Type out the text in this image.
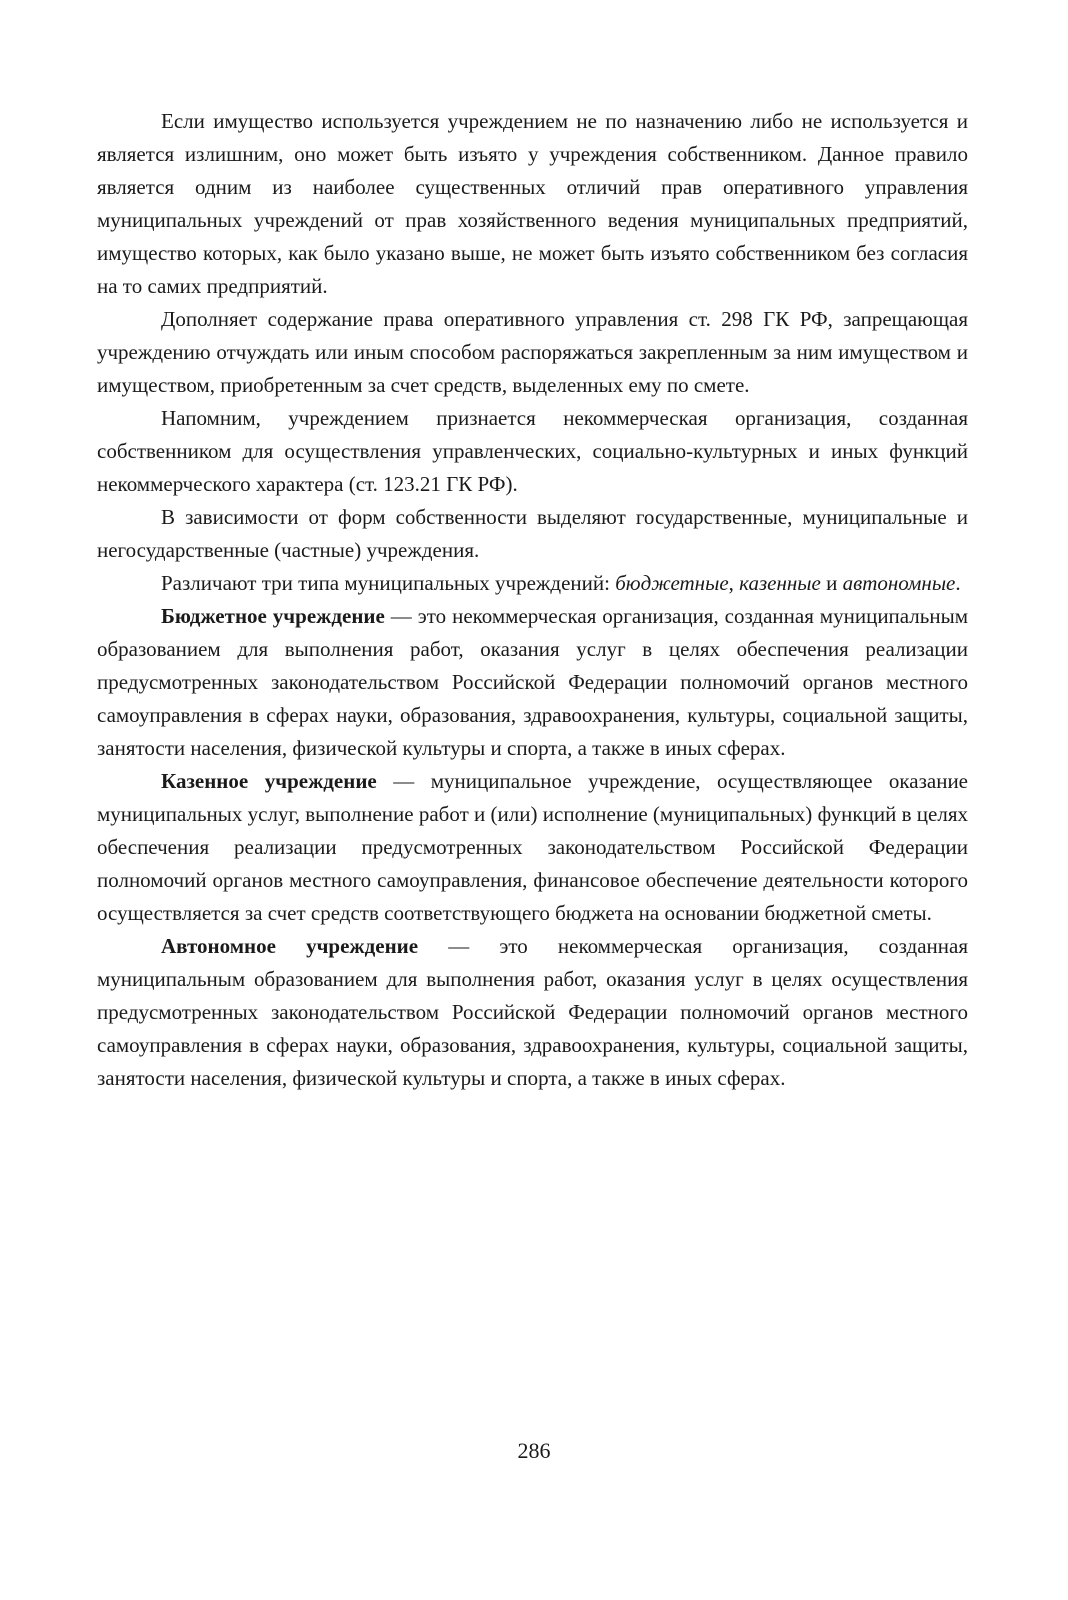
Если имущество используется учреждением не по назначению либо не используется и является излишним, оно может быть изъято у учреждения собственником. Данное правило является одним из наиболее существенных отличий прав оперативного управления муниципальных учреждений от прав хозяйственного ведения муниципальных предприятий, имущество которых, как было указано выше, не может быть изъято собственником без согласия на то самих предприятий.

Дополняет содержание права оперативного управления ст. 298 ГК РФ, запрещающая учреждению отчуждать или иным способом распоряжаться закрепленным за ним имуществом и имуществом, приобретенным за счет средств, выделенных ему по смете.

Напомним, учреждением признается некоммерческая организация, созданная собственником для осуществления управленческих, социально-культурных и иных функций некоммерческого характера (ст. 123.21 ГК РФ).

В зависимости от форм собственности выделяют государственные, муниципальные и негосударственные (частные) учреждения.

Различают три типа муниципальных учреждений: бюджетные, казенные и автономные.

Бюджетное учреждение — это некоммерческая организация, созданная муниципальным образованием для выполнения работ, оказания услуг в целях обеспечения реализации предусмотренных законодательством Российской Федерации полномочий органов местного самоуправления в сферах науки, образования, здравоохранения, культуры, социальной защиты, занятости населения, физической культуры и спорта, а также в иных сферах.

Казенное учреждение — муниципальное учреждение, осуществляющее оказание муниципальных услуг, выполнение работ и (или) исполнение (муниципальных) функций в целях обеспечения реализации предусмотренных законодательством Российской Федерации полномочий органов местного самоуправления, финансовое обеспечение деятельности которого осуществляется за счет средств соответствующего бюджета на основании бюджетной сметы.

Автономное учреждение — это некоммерческая организация, созданная муниципальным образованием для выполнения работ, оказания услуг в целях осуществления предусмотренных законодательством Российской Федерации полномочий органов местного самоуправления в сферах науки, образования, здравоохранения, культуры, социальной защиты, занятости населения, физической культуры и спорта, а также в иных сферах.

286
